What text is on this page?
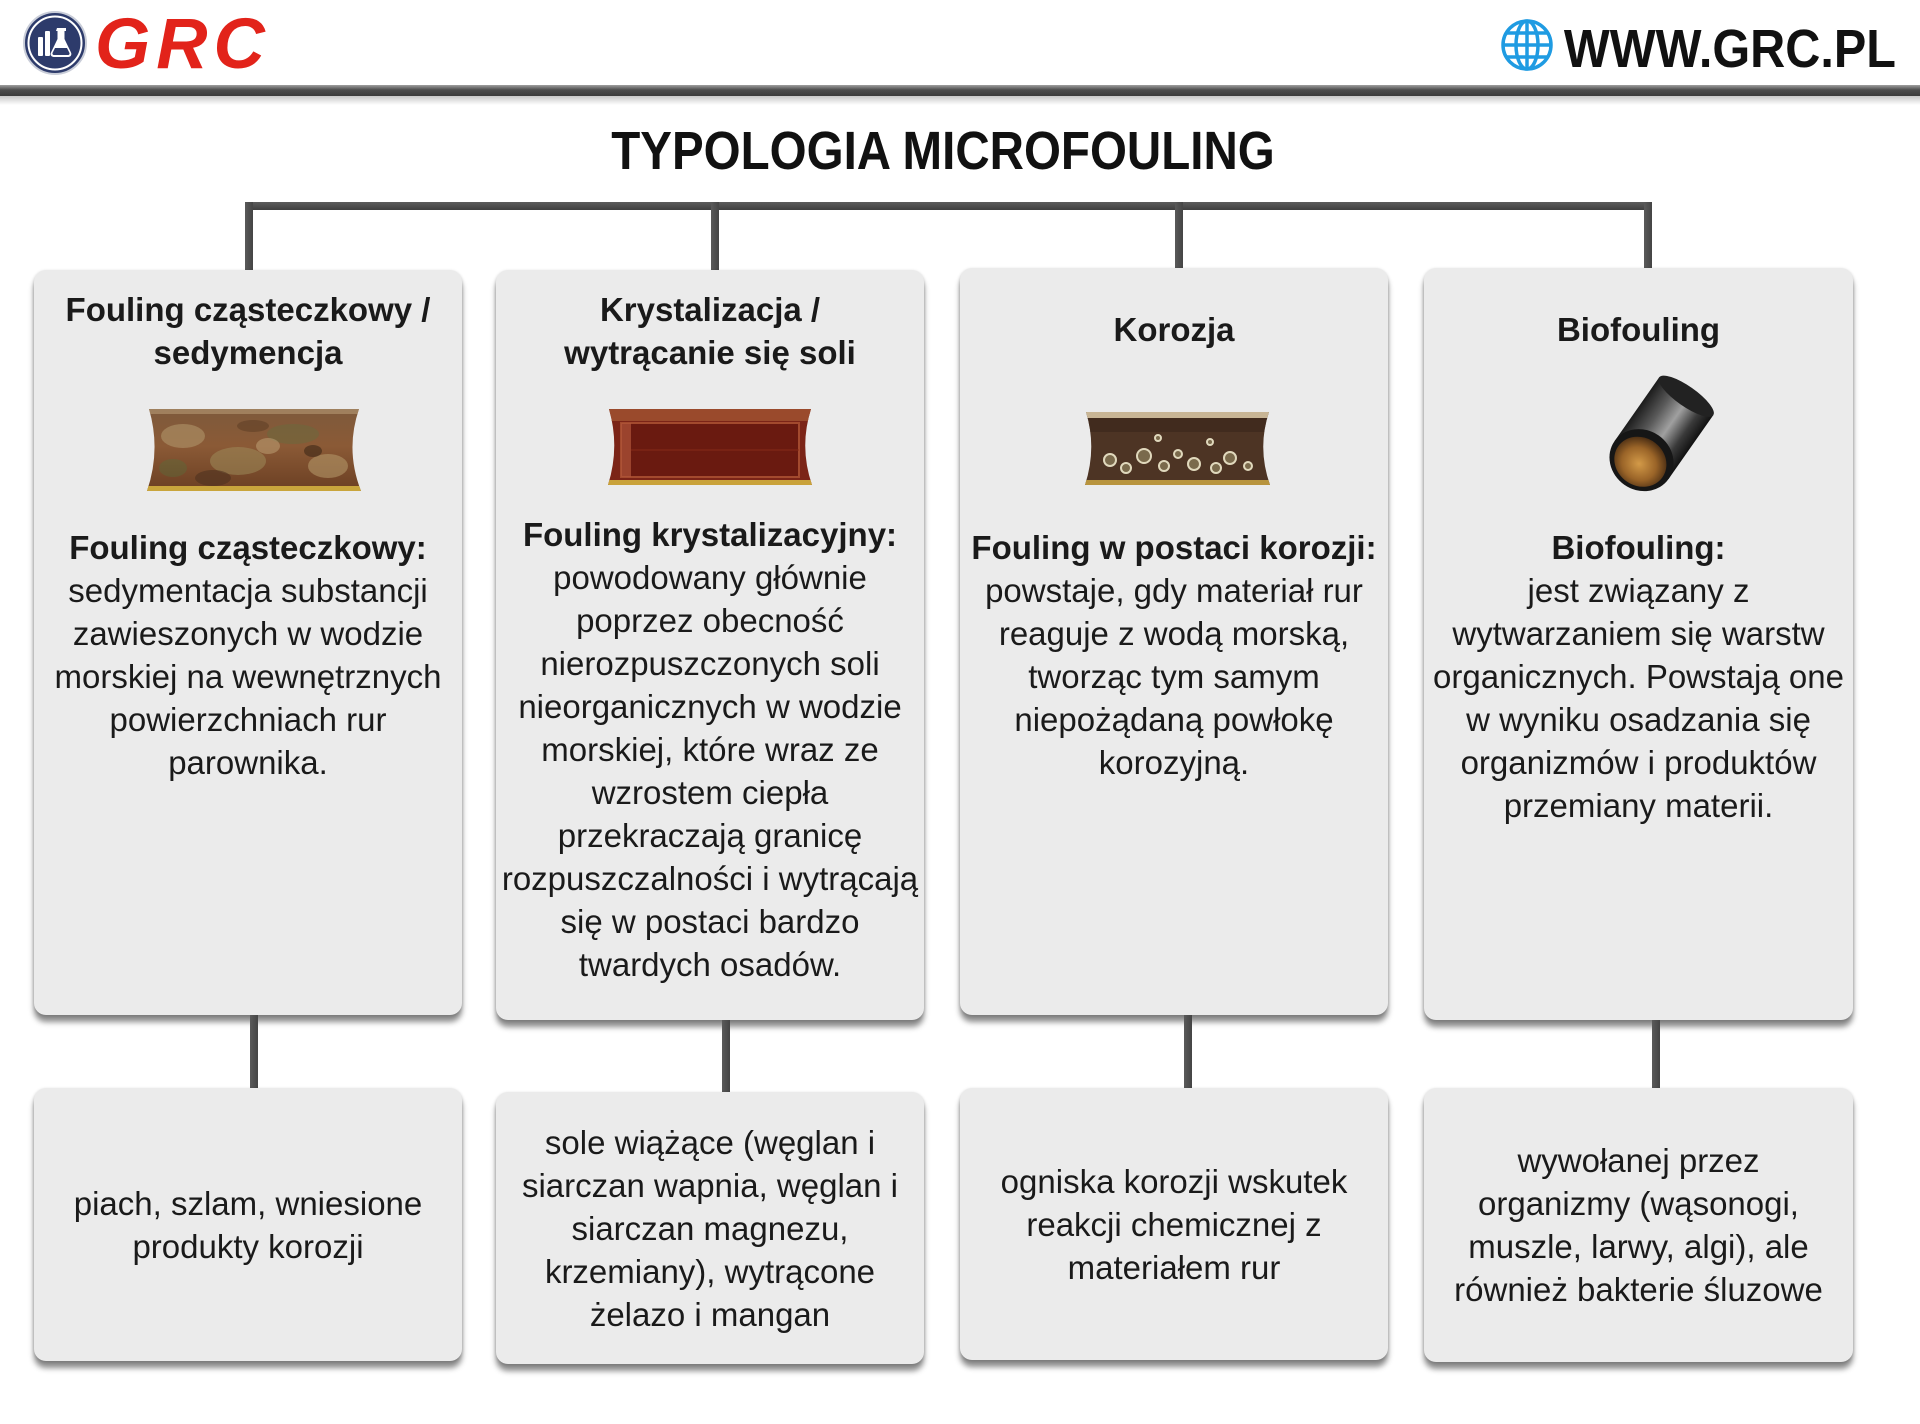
GRC	WWW.GRC.PL
TYPOLOGIA MICROFOULING
Fouling cząsteczkowy /
sedymencja
Fouling cząsteczkowy:
sedymentacja substancji
zawieszonych w wodzie
morskiej na wewnętrznych
powierzchniach rur
parownika.
Krystalizacja /
wytrącanie się soli
Fouling krystalizacyjny:
powodowany głównie
poprzez obecność
nierozpuszczonych soli
nieorganicznych w wodzie
morskiej, które wraz ze
wzrostem ciepła
przekraczają granicę
rozpuszczalności i wytrącają
się w postaci bardzo
twardych osadów.
Korozja
Fouling w postaci korozji:
powstaje, gdy materiał rur
reaguje z wodą morską,
tworząc tym samym
niepożądaną powłokę
korozyjną.
Biofouling
Biofouling:
jest związany z
wytwarzaniem się warstw
organicznych. Powstają one
w wyniku osadzania się
organizmów i produktów
przemiany materii.
piach, szlam, wniesione
produkty korozji
sole wiążące (węglan i
siarczan wapnia, węglan i
siarczan magnezu,
krzemiany), wytrącone
żelazo i mangan
ogniska korozji wskutek
reakcji chemicznej z
materiałem rur
wywołanej przez
organizmy (wąsonogi,
muszle, larwy, algi), ale
również bakterie śluzowe
